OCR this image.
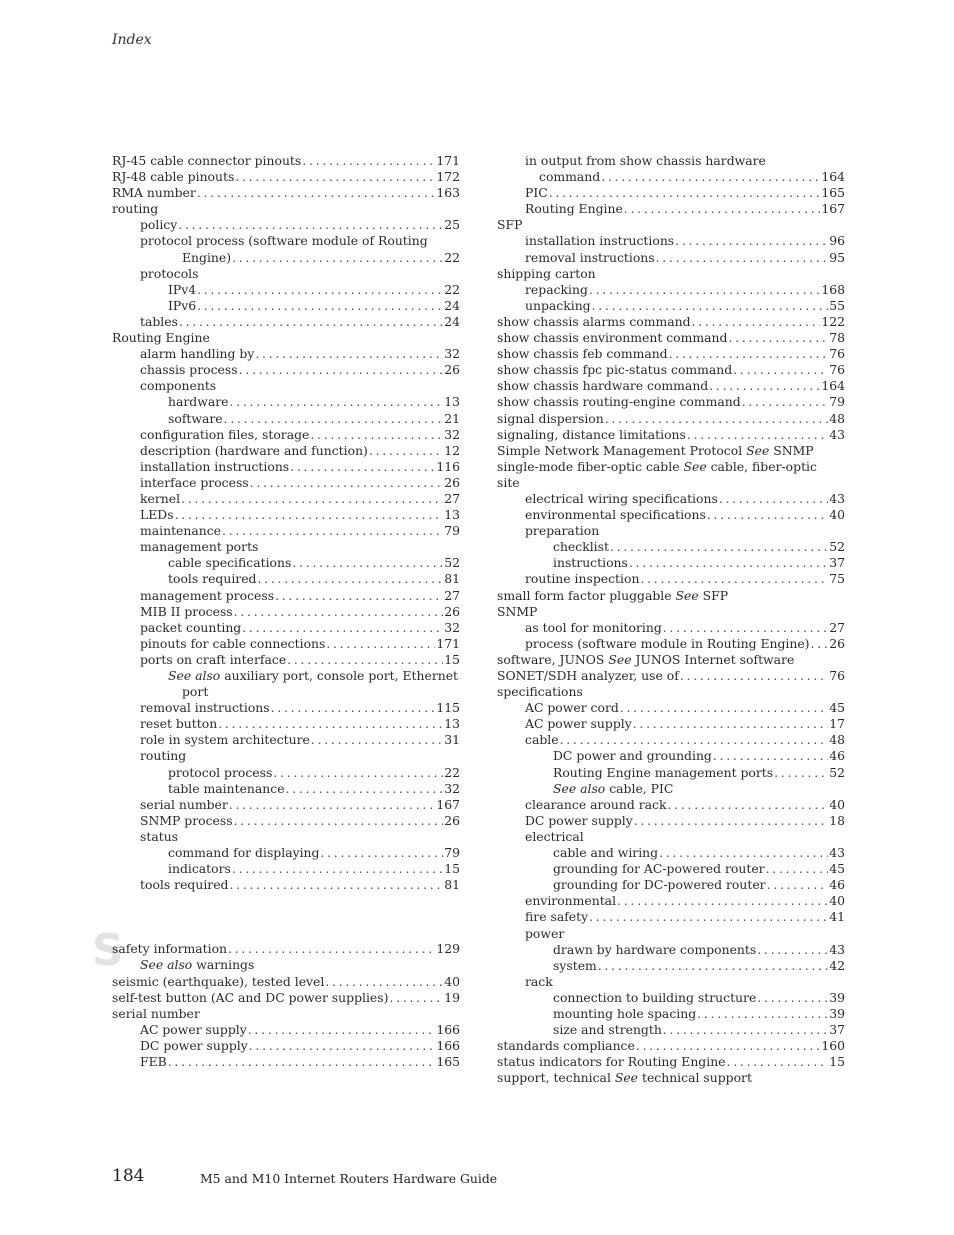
Index
RJ-45 cable connector pinouts . . .	171
RJ-48 cable pinouts . . .	172
RMA number . . .	163
routing
policy . . .	25
protocol process (software module of Routing
Engine) . . .	22
protocols
IPv4 . . .	22
IPv6 . . .	24
tables . . .	24
Routing Engine
alarm handling by . . .	32
chassis process . . .	26
components
hardware . . .	13
software . . .	21
configuration files, storage . . .	32
description (hardware and function) . . .	12
installation instructions . . .	116
interface process . . .	26
kernel . . .	27
LEDs . . .	13
maintenance . . .	79
management ports
cable specifications . . .	52
tools required . . .	81
management process . . .	27
MIB II process . . .	26
packet counting . . .	32
pinouts for cable connections . . .	171
ports on craft interface . . .	15
See also auxiliary port, console port, Ethernet
port
removal instructions . . .	115
reset button . . .	13
role in system architecture . . .	31
routing
protocol process . . .	22
table maintenance . . .	32
serial number . . .	167
SNMP process . . .	26
status
command for displaying . . .	79
indicators . . .	15
tools required . . .	81
S
safety information . . .	129
See also warnings
seismic (earthquake), tested level . . .	40
self-test button (AC and DC power supplies) . . .	19
serial number
AC power supply . . .	166
DC power supply . . .	166
FEB . . .	165
in output from show chassis hardware
command . . .	164
PIC . . .	165
Routing Engine . . .	167
SFP
installation instructions . . .	96
removal instructions . . .	95
shipping carton
repacking . . .	168
unpacking . . .	55
show chassis alarms command . . .	122
show chassis environment command . . .	78
show chassis feb command . . .	76
show chassis fpc pic-status command . . .	76
show chassis hardware command . . .	164
show chassis routing-engine command . . .	79
signal dispersion . . .	48
signaling, distance limitations . . .	43
Simple Network Management Protocol See SNMP
single-mode fiber-optic cable See cable, fiber-optic
site
electrical wiring specifications . . .	43
environmental specifications . . .	40
preparation
checklist . . .	52
instructions . . .	37
routine inspection . . .	75
small form factor pluggable See SFP
SNMP
as tool for monitoring . . .	27
process (software module in Routing Engine) . . . 26
software, JUNOS See JUNOS Internet software
SONET/SDH analyzer, use of . . .	76
specifications
AC power cord . . .	45
AC power supply . . .	17
cable . . .	48
DC power and grounding . . .	46
Routing Engine management ports . . .	52
See also cable, PIC
clearance around rack . . .	40
DC power supply . . .	18
electrical
cable and wiring . . .	43
grounding for AC-powered router . . .	45
grounding for DC-powered router . . .	46
environmental . . .	40
fire safety . . .	41
power
drawn by hardware components . . .	43
system . . .	42
rack
connection to building structure . . .	39
mounting hole spacing . . .	39
size and strength . . .	37
standards compliance . . .	160
status indicators for Routing Engine . . .	15
support, technical See technical support
184	M5 and M10 Internet Routers Hardware Guide
